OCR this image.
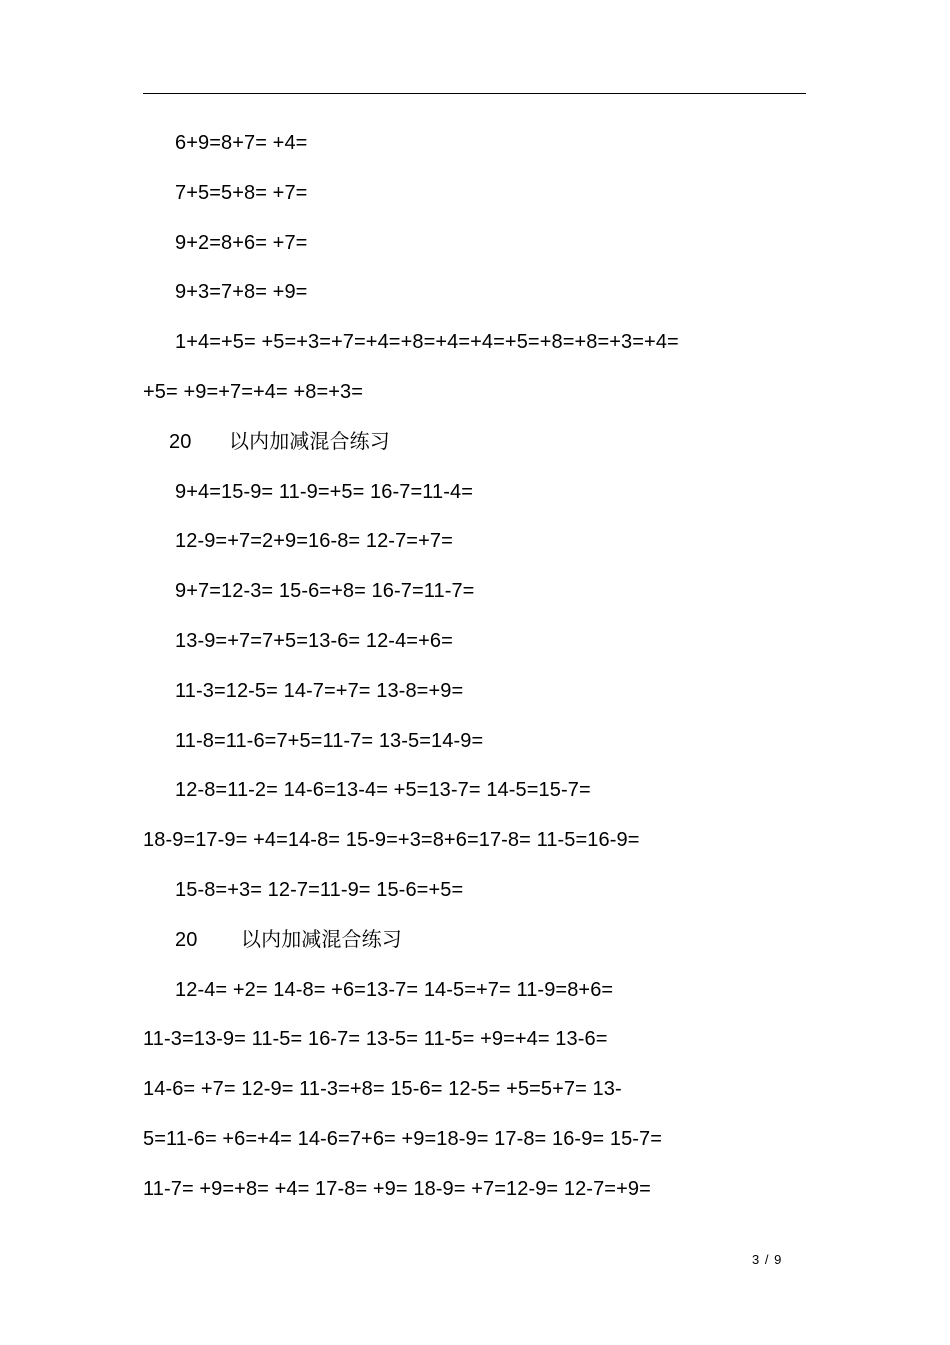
6+9=8+7= +4=
7+5=5+8= +7=
9+2=8+6= +7=
9+3=7+8= +9=
1+4=+5= +5=+3=+7=+4=+8=+4=+4=+5=+8=+8=+3=+4=
+5= +9=+7=+4= +8=+3=
20 以内加减混合练习
9+4=15-9= 11-9=+5= 16-7=11-4=
12-9=+7=2+9=16-8= 12-7=+7=
9+7=12-3= 15-6=+8= 16-7=11-7=
13-9=+7=7+5=13-6= 12-4=+6=
11-3=12-5= 14-7=+7= 13-8=+9=
11-8=11-6=7+5=11-7= 13-5=14-9=
12-8=11-2= 14-6=13-4= +5=13-7= 14-5=15-7=
18-9=17-9= +4=14-8= 15-9=+3=8+6=17-8= 11-5=16-9=
15-8=+3= 12-7=11-9= 15-6=+5=
20 以内加减混合练习
12-4= +2= 14-8= +6=13-7= 14-5=+7= 11-9=8+6=
11-3=13-9= 11-5= 16-7= 13-5= 11-5= +9=+4= 13-6=
14-6= +7= 12-9= 11-3=+8= 15-6= 12-5= +5=5+7= 13-
5=11-6= +6=+4= 14-6=7+6= +9=18-9= 17-8= 16-9= 15-7=
11-7= +9=+8= +4= 17-8= +9= 18-9= +7=12-9= 12-7=+9=
3 / 9
